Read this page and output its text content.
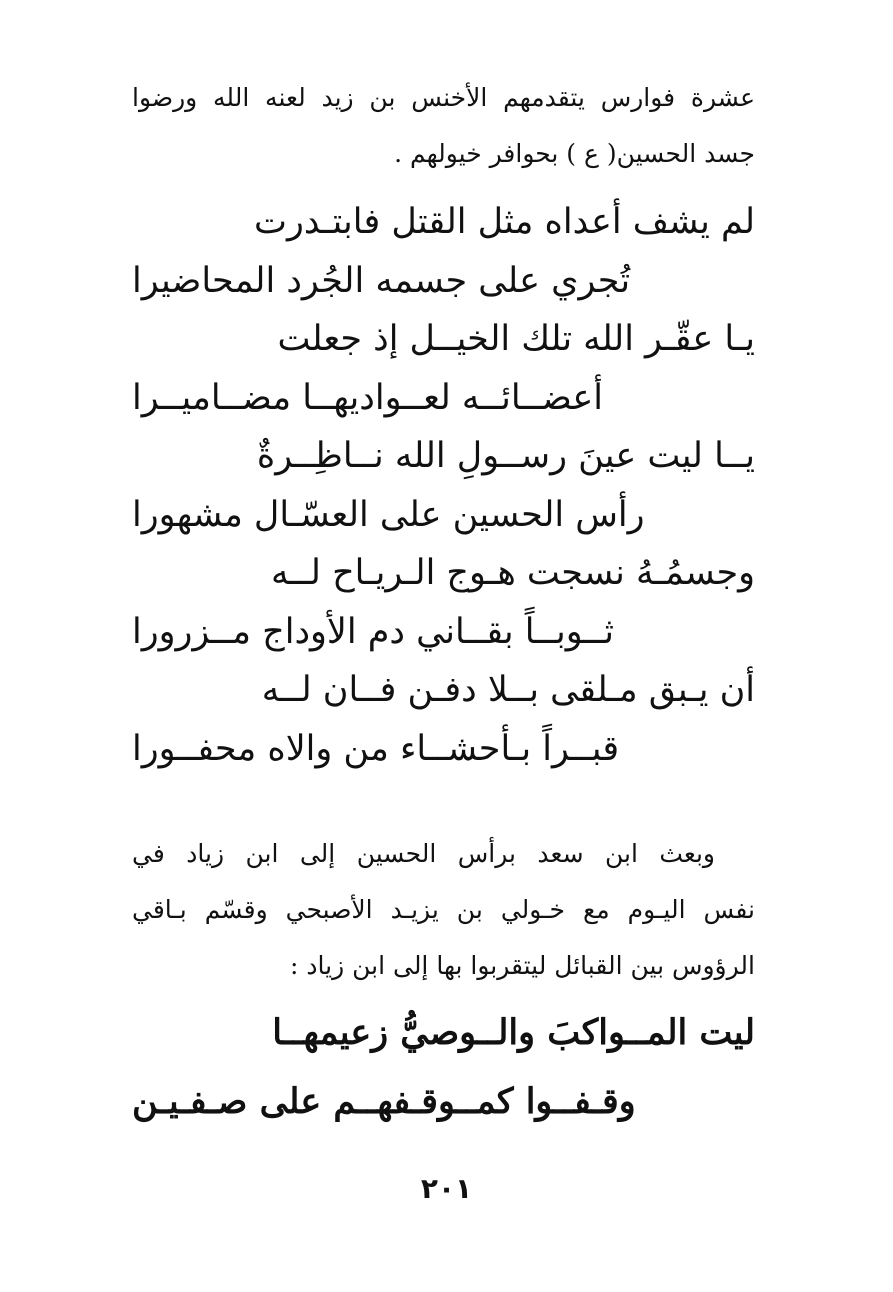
عشرة فوارس يتقدمهم الأخنس بن زيد لعنه الله ورضوا

جسد الحسين( ع ) بحوافر خيولهم .

لم يشف أعداه مثل القتل فابتـدرت

تُجري على جسمه الجُرد المحاضيرا

يـا عقّـر الله تلك الخيــل إذ جعلت

أعضــائــه لعــواديهــا مضــاميــرا

يــا ليت عينَ رســولِ الله نــاظِــرةٌ

رأس الحسين على العسّـال مشهورا

وجسمُـهُ نسجت هـوج الـريـاح لــه

ثــوبــاً بقــاني دم الأوداج مــزرورا

أن يـبق مـلقى بــلا دفـن فــان لــه

قبــراً بـأحشــاء من والاه محفــورا

وبعث ابن سعد برأس الحسين إلى ابن زياد في

نفس اليـوم مع خـولي بن يزيـد الأصبحي وقسّم بـاقي

الرؤوس بين القبائل ليتقربوا بها إلى ابن زياد :

ليت المــواكبَ والــوصيُّ زعيمهــا

وقـفــوا كمــوقـفهــم على صـفـيـن

٢٠١
